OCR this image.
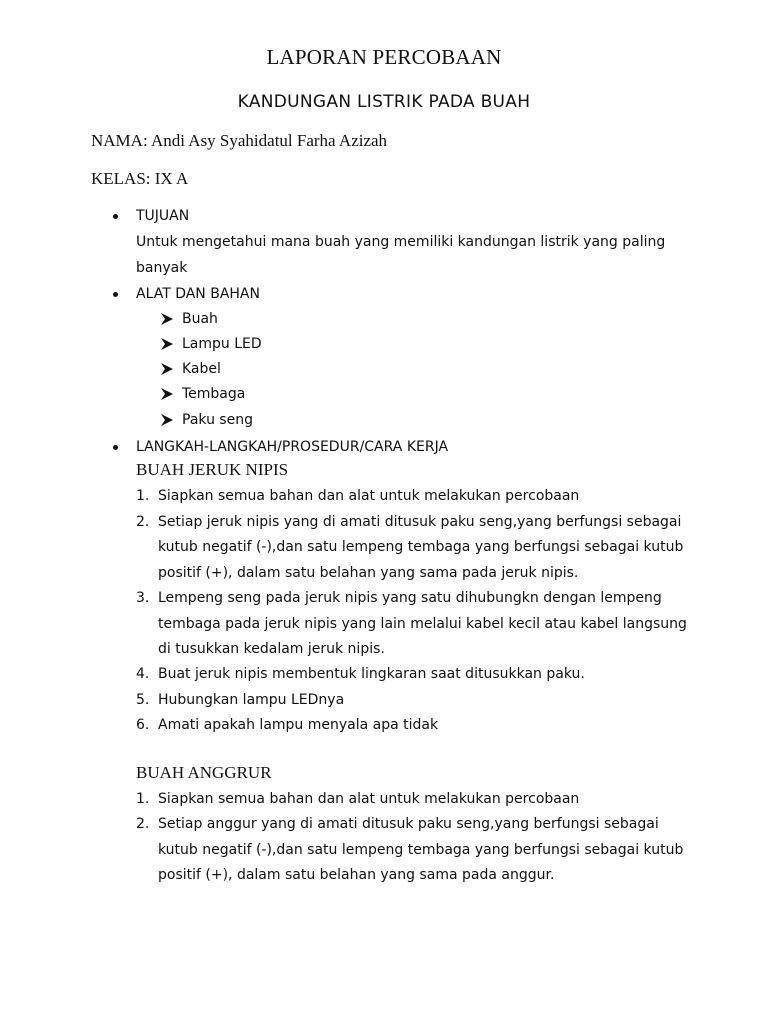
LAPORAN PERCOBAAN
KANDUNGAN LISTRIK PADA BUAH
NAMA: Andi Asy Syahidatul Farha Azizah
KELAS: IX A
TUJUAN
Untuk mengetahui mana buah yang memiliki kandungan listrik yang paling
banyak
ALAT DAN BAHAN
Buah
Lampu LED
Kabel
Tembaga
Paku seng
LANGKAH-LANGKAH/PROSEDUR/CARA KERJA
BUAH JERUK NIPIS
1. Siapkan semua bahan dan alat untuk melakukan percobaan
2. Setiap jeruk nipis yang di amati ditusuk paku seng,yang berfungsi sebagai
kutub negatif (-),dan satu lempeng tembaga yang berfungsi sebagai kutub
positif (+), dalam satu belahan yang sama pada jeruk nipis.
3. Lempeng seng pada jeruk nipis yang satu dihubungkn dengan lempeng
tembaga pada jeruk nipis yang lain melalui kabel kecil atau kabel langsung
di tusukkan kedalam jeruk nipis.
4. Buat jeruk nipis membentuk lingkaran saat ditusukkan paku.
5. Hubungkan lampu LEDnya
6. Amati apakah lampu menyala apa tidak
BUAH ANGGRUR
1. Siapkan semua bahan dan alat untuk melakukan percobaan
2. Setiap anggur yang di amati ditusuk paku seng,yang berfungsi sebagai
kutub negatif (-),dan satu lempeng tembaga yang berfungsi sebagai kutub
positif (+), dalam satu belahan yang sama pada anggur.
